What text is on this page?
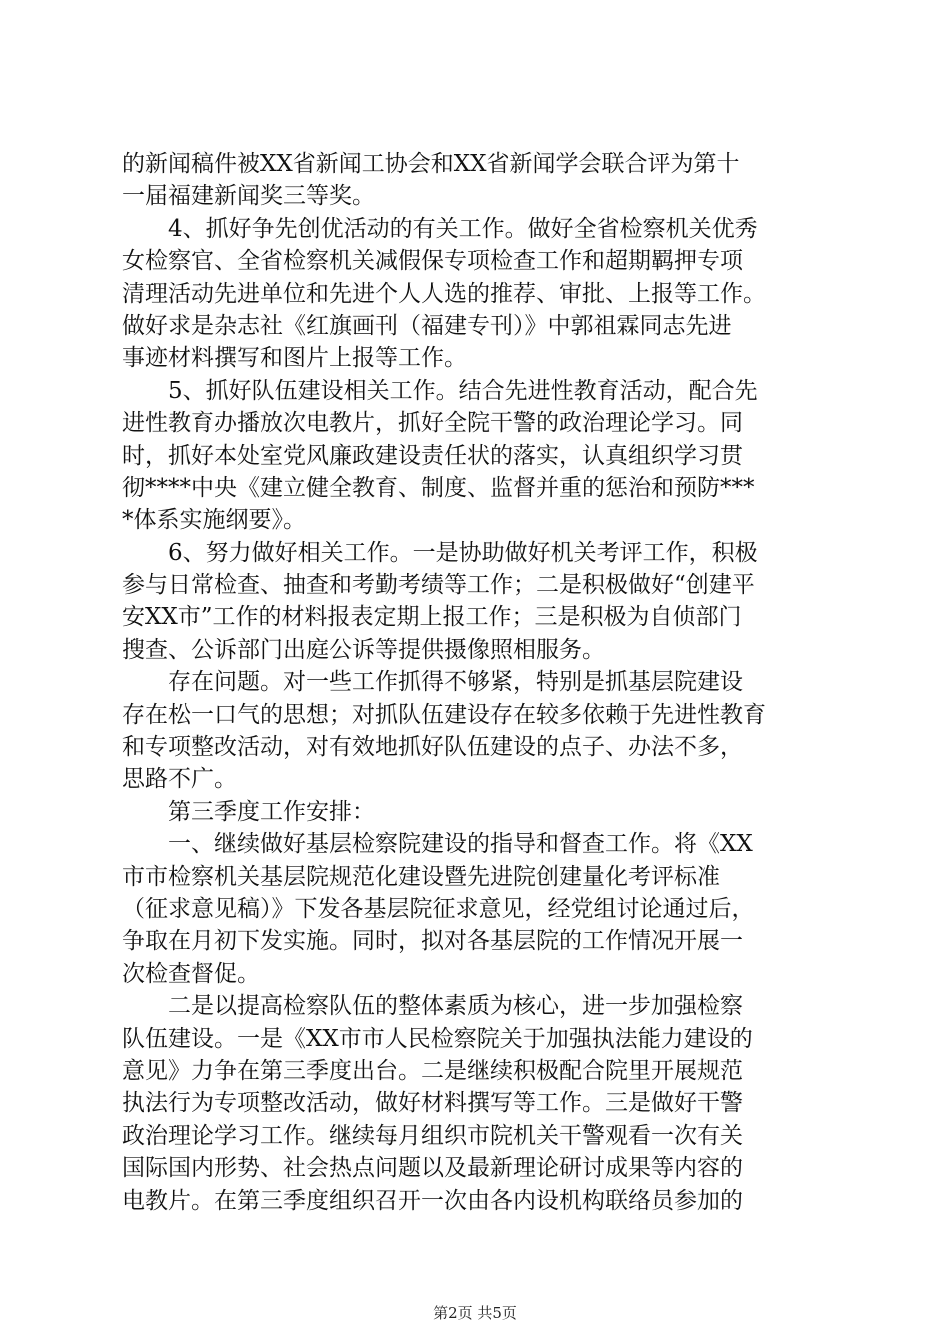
的新闻稿件被XX省新闻工协会和XX省新闻学会联合评为第十
一届福建新闻奖三等奖。
　　4、抓好争先创优活动的有关工作。做好全省检察机关优秀
女检察官、全省检察机关减假保专项检查工作和超期羁押专项
清理活动先进单位和先进个人人选的推荐、审批、上报等工作。
做好求是杂志社《红旗画刊（福建专刊）》中郭祖霖同志先进
事迹材料撰写和图片上报等工作。
　　5、抓好队伍建设相关工作。结合先进性教育活动，配合先
进性教育办播放次电教片，抓好全院干警的政治理论学习。同
时，抓好本处室党风廉政建设责任状的落实，认真组织学习贯
彻****中央《建立健全教育、制度、监督并重的惩治和预防***
*体系实施纲要》。
　　6、努力做好相关工作。一是协助做好机关考评工作，积极
参与日常检查、抽查和考勤考绩等工作；二是积极做好“创建平
安XX市”工作的材料报表定期上报工作；三是积极为自侦部门
搜查、公诉部门出庭公诉等提供摄像照相服务。
　　存在问题。对一些工作抓得不够紧，特别是抓基层院建设
存在松一口气的思想；对抓队伍建设存在较多依赖于先进性教育
和专项整改活动，对有效地抓好队伍建设的点子、办法不多，
思路不广。
　　第三季度工作安排：
　　一、继续做好基层检察院建设的指导和督查工作。将《XX
市市检察机关基层院规范化建设暨先进院创建量化考评标准
（征求意见稿）》下发各基层院征求意见，经党组讨论通过后，
争取在月初下发实施。同时，拟对各基层院的工作情况开展一
次检查督促。
　　二是以提高检察队伍的整体素质为核心，进一步加强检察
队伍建设。一是《XX市市人民检察院关于加强执法能力建设的
意见》力争在第三季度出台。二是继续积极配合院里开展规范
执法行为专项整改活动，做好材料撰写等工作。三是做好干警
政治理论学习工作。继续每月组织市院机关干警观看一次有关
国际国内形势、社会热点问题以及最新理论研讨成果等内容的
电教片。在第三季度组织召开一次由各内设机构联络员参加的
第2页 共5页
